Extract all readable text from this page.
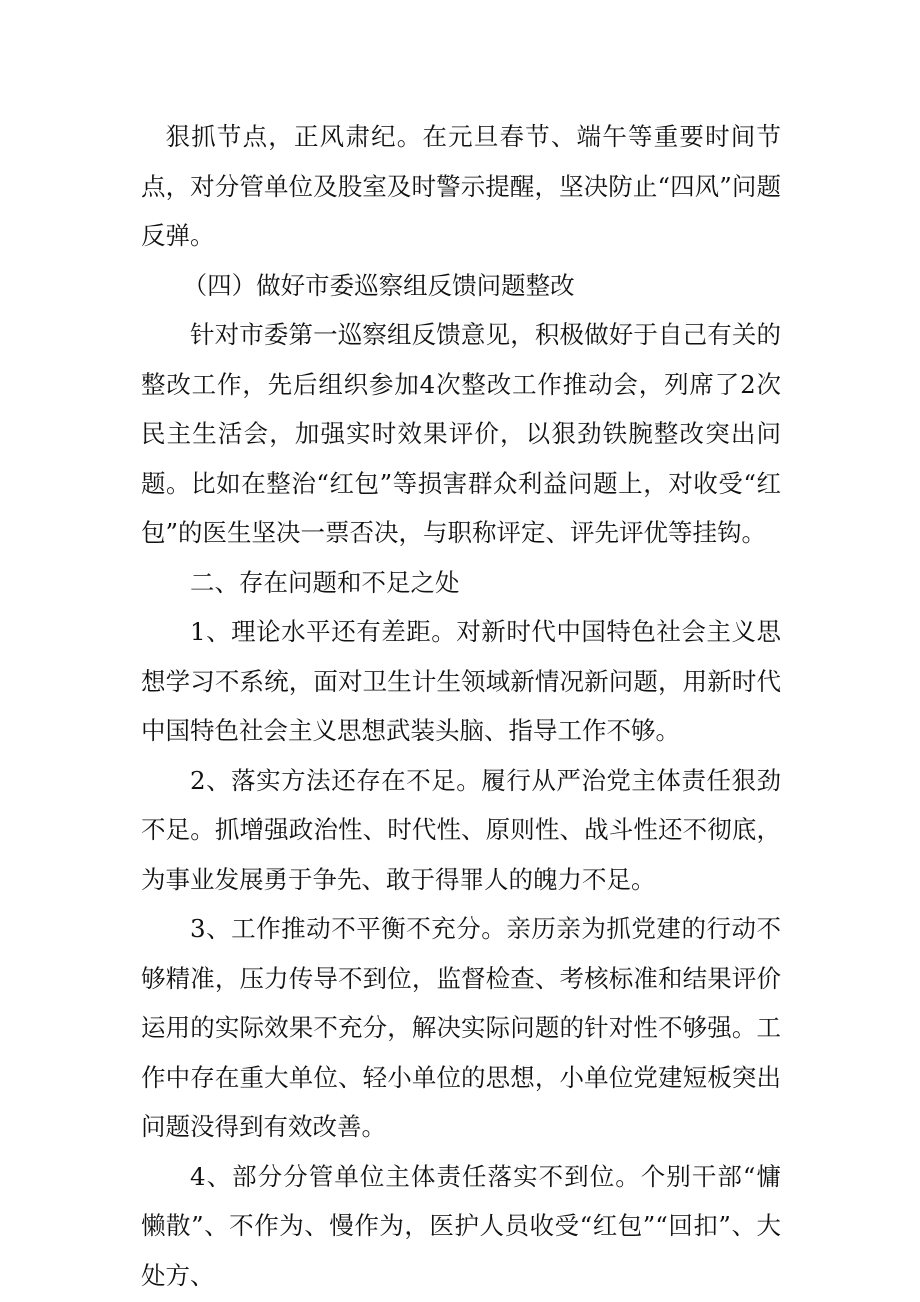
狠抓节点，正风肃纪。在元旦春节、端午等重要时间节点，对分管单位及股室及时警示提醒，坚决防止“四风”问题反弹。

（四）做好市委巡察组反馈问题整改

针对市委第一巡察组反馈意见，积极做好于自己有关的整改工作，先后组织参加4次整改工作推动会，列席了2次民主生活会，加强实时效果评价，以狠劲铁腕整改突出问题。比如在整治“红包”等损害群众利益问题上，对收受“红包”的医生坚决一票否决，与职称评定、评先评优等挂钩。

二、存在问题和不足之处

1、理论水平还有差距。对新时代中国特色社会主义思想学习不系统，面对卫生计生领域新情况新问题，用新时代中国特色社会主义思想武装头脑、指导工作不够。

2、落实方法还存在不足。履行从严治党主体责任狠劲不足。抓增强政治性、时代性、原则性、战斗性还不彻底，为事业发展勇于争先、敢于得罪人的魄力不足。

3、工作推动不平衡不充分。亲历亲为抓党建的行动不够精准，压力传导不到位，监督检查、考核标准和结果评价运用的实际效果不充分，解决实际问题的针对性不够强。工作中存在重大单位、轻小单位的思想，小单位党建短板突出问题没得到有效改善。

4、部分分管单位主体责任落实不到位。个别干部“慵懒散”、不作为、慢作为，医护人员收受“红包”“回扣”、大处方、
